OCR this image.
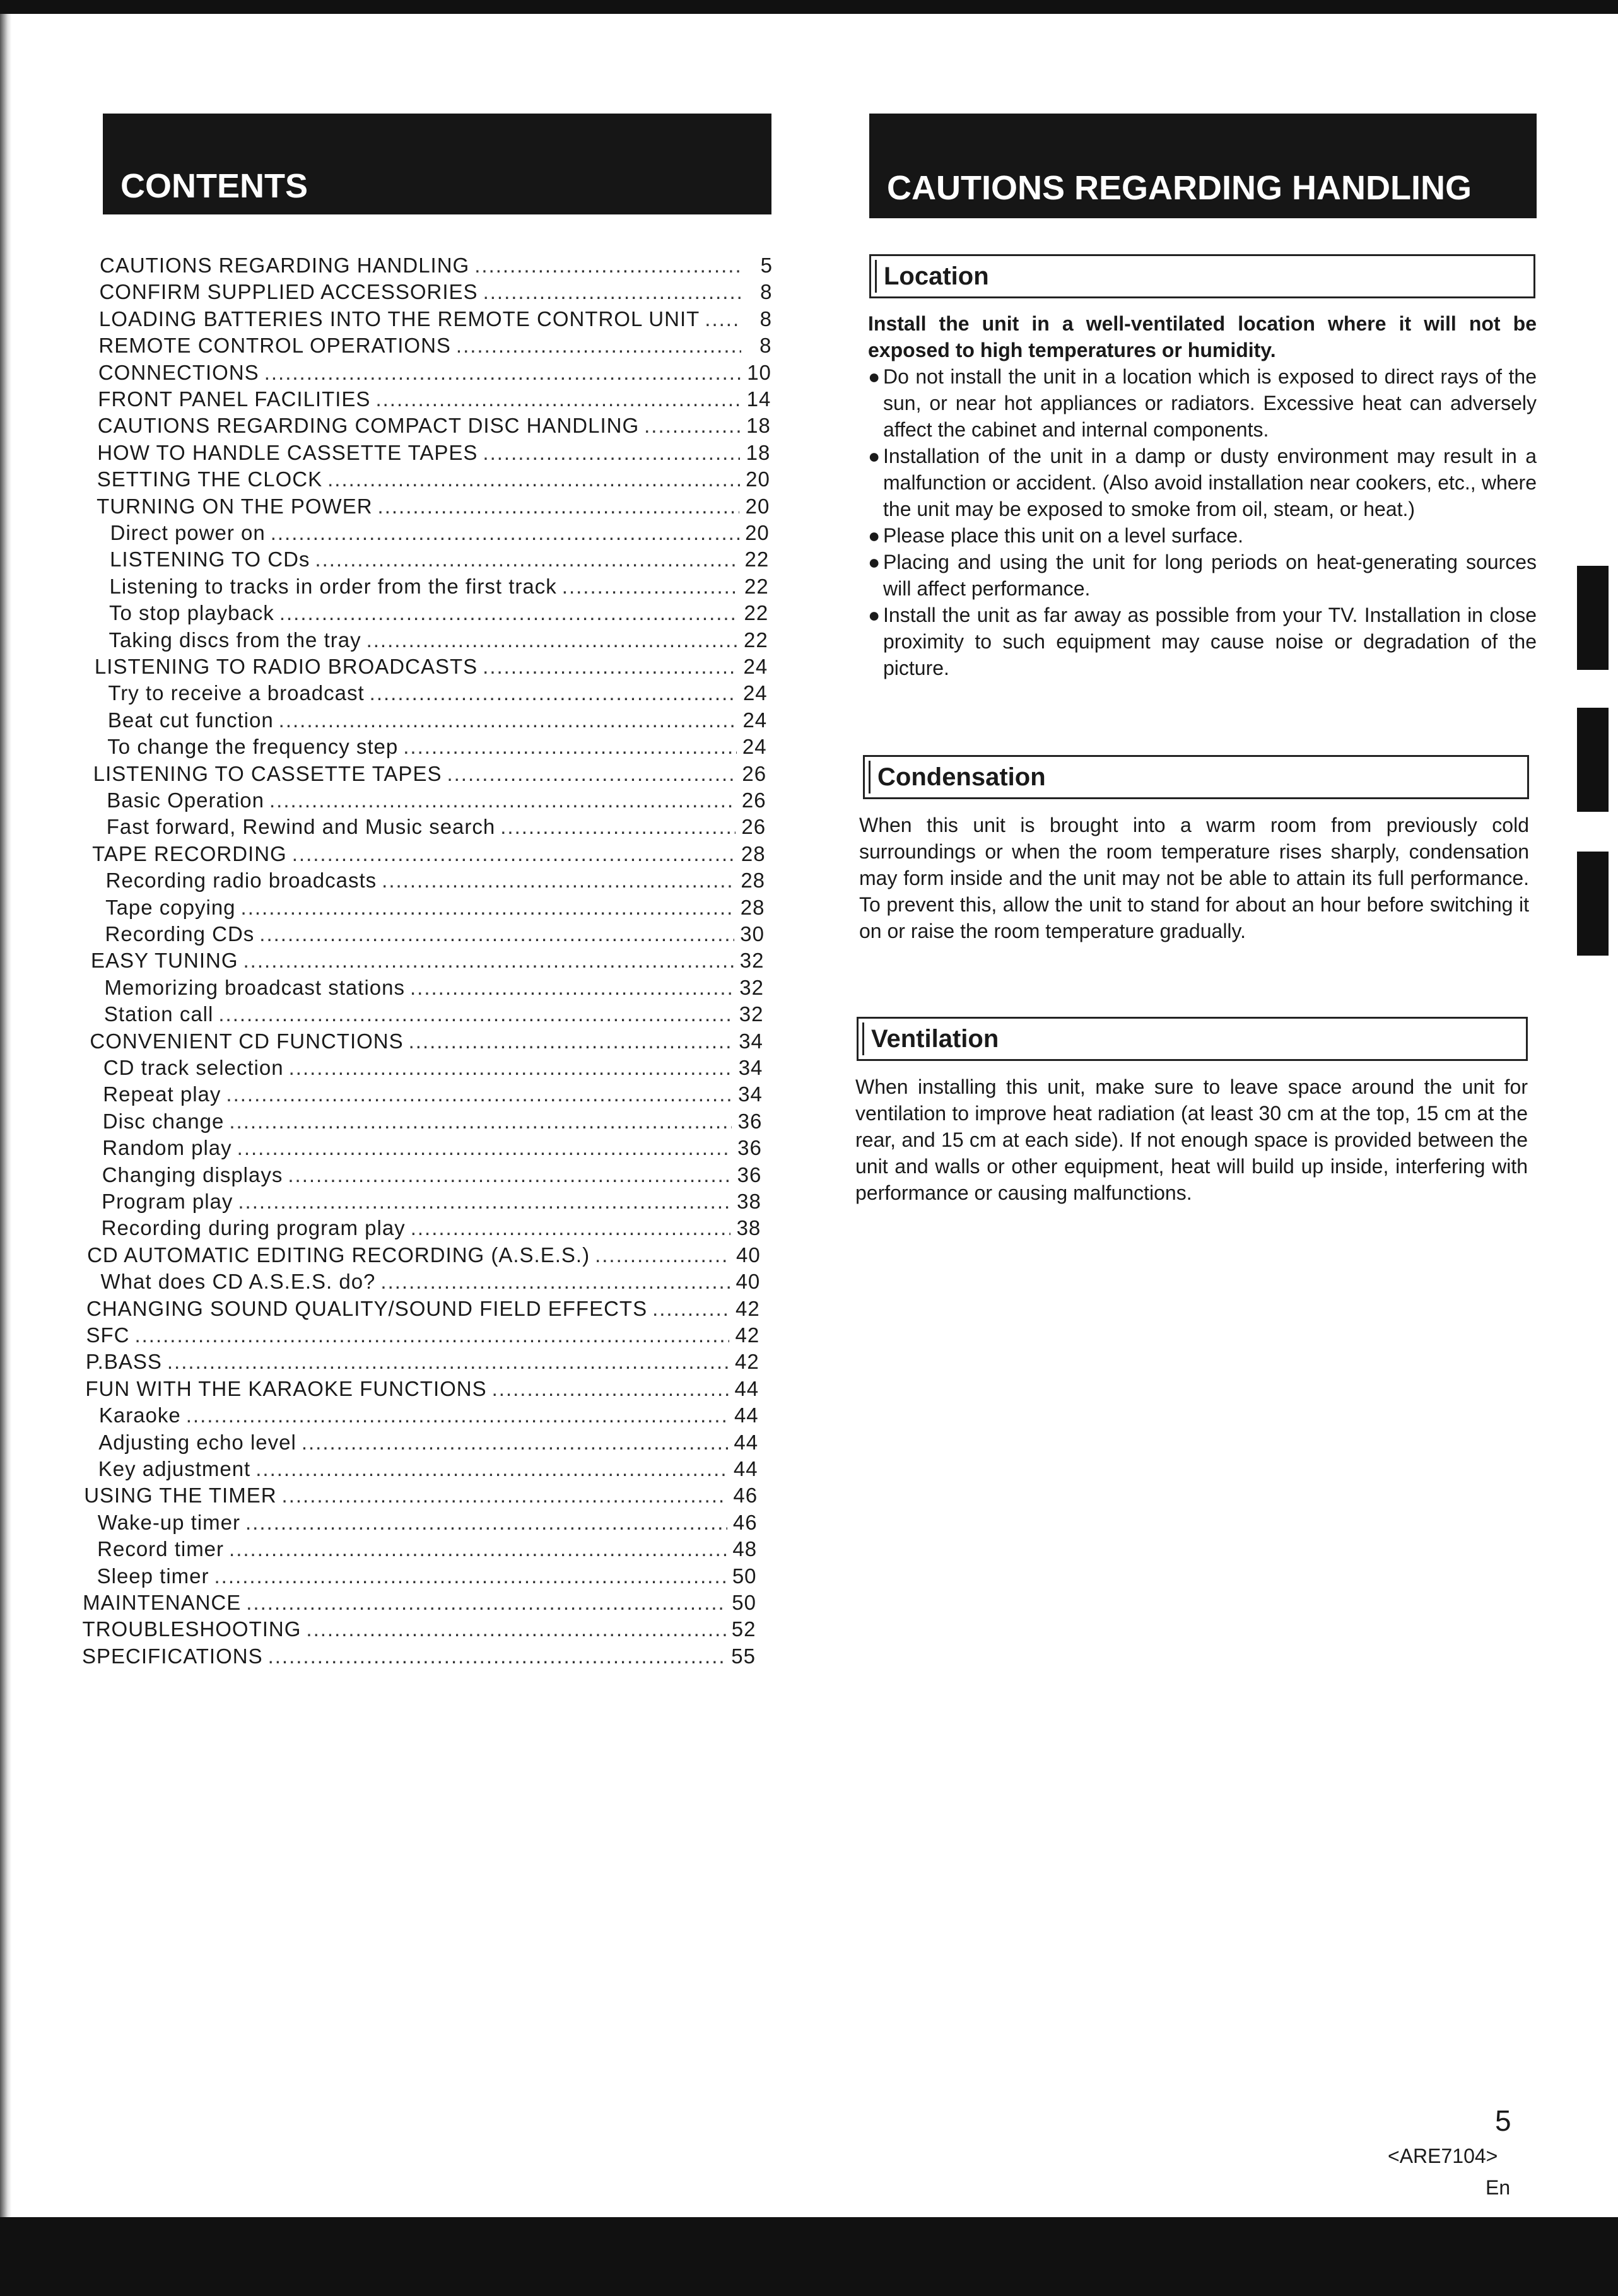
CONTENTS
CAUTIONS REGARDING HANDLING .....	5
CONFIRM SUPPLIED ACCESSORIES .....	8
LOADING BATTERIES INTO THE REMOTE CONTROL UNIT .....	8
REMOTE CONTROL OPERATIONS .....	8
CONNECTIONS .....	10
FRONT PANEL FACILITIES .....	14
CAUTIONS REGARDING COMPACT DISC HANDLING .....	18
HOW TO HANDLE CASSETTE TAPES .....	18
SETTING THE CLOCK .....	20
TURNING ON THE POWER .....	20
Direct power on .....	20
LISTENING TO CDs .....	22
Listening to tracks in order from the first track .....	22
To stop playback .....	22
Taking discs from the tray .....	22
LISTENING TO RADIO BROADCASTS .....	24
Try to receive a broadcast .....	24
Beat cut function .....	24
To change the frequency step .....	24
LISTENING TO CASSETTE TAPES .....	26
Basic Operation .....	26
Fast forward, Rewind and Music search .....	26
TAPE RECORDING .....	28
Recording radio broadcasts .....	28
Tape copying .....	28
Recording CDs .....	30
EASY TUNING .....	32
Memorizing broadcast stations .....	32
Station call .....	32
CONVENIENT CD FUNCTIONS .....	34
CD track selection .....	34
Repeat play .....	34
Disc change .....	36
Random play .....	36
Changing displays .....	36
Program play .....	38
Recording during program play .....	38
CD AUTOMATIC EDITING RECORDING (A.S.E.S.) .....	40
What does CD A.S.E.S. do? .....	40
CHANGING SOUND QUALITY/SOUND FIELD EFFECTS .....	42
SFC .....	42
P.BASS .....	42
FUN WITH THE KARAOKE FUNCTIONS .....	44
Karaoke .....	44
Adjusting echo level .....	44
Key adjustment .....	44
USING THE TIMER .....	46
Wake-up timer .....	46
Record timer .....	48
Sleep timer .....	50
MAINTENANCE .....	50
TROUBLESHOOTING .....	52
SPECIFICATIONS .....	55
CAUTIONS REGARDING HANDLING
Location
Install the unit in a well-ventilated location where it will not be exposed to high temperatures or humidity.
● Do not install the unit in a location which is exposed to direct rays of the sun, or near hot appliances or radiators. Excessive heat can adversely affect the cabinet and internal components.
● Installation of the unit in a damp or dusty environment may result in a malfunction or accident. (Also avoid installation near cookers, etc., where the unit may be exposed to smoke from oil, steam, or heat.)
● Please place this unit on a level surface.
● Placing and using the unit for long periods on heat-generating sources will affect performance.
● Install the unit as far away as possible from your TV. Installation in close proximity to such equipment may cause noise or degradation of the picture.
Condensation
When this unit is brought into a warm room from previously cold surroundings or when the room temperature rises sharply, condensation may form inside and the unit may not be able to attain its full performance. To prevent this, allow the unit to stand for about an hour before switching it on or raise the room temperature gradually.
Ventilation
When installing this unit, make sure to leave space around the unit for ventilation to improve heat radiation (at least 30 cm at the top, 15 cm at the rear, and 15 cm at each side). If not enough space is provided between the unit and walls or other equipment, heat will build up inside, interfering with performance or causing malfunctions.
5
<ARE7104>
En
